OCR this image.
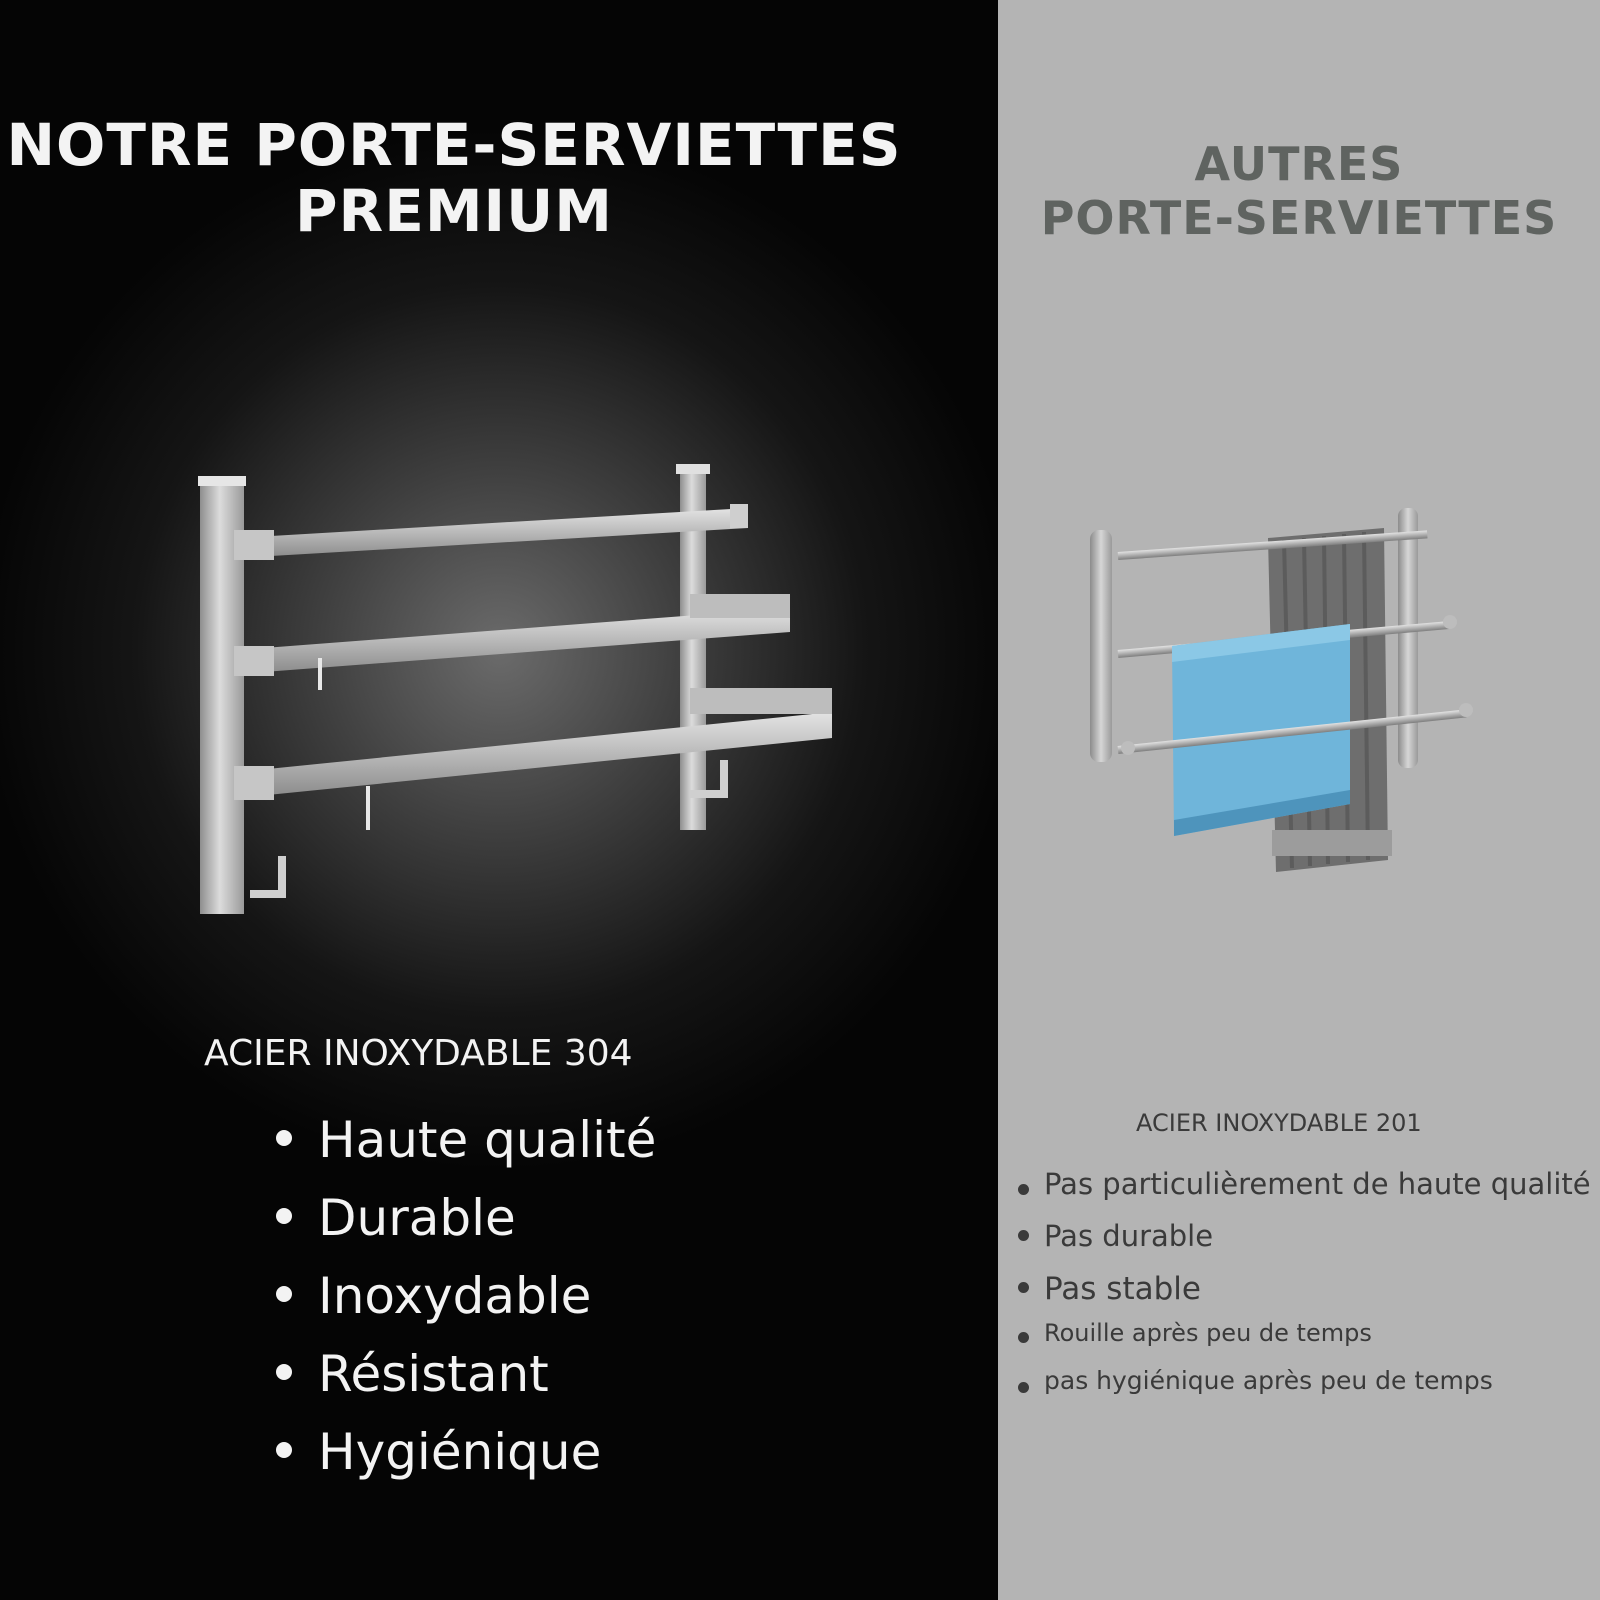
NOTRE PORTE-SERVIETTES
PREMIUM

ACIER INOXYDABLE 304

Haute qualité
Durable
Inoxydable
Résistant
Hygiénique
AUTRES
PORTE-SERVIETTES

ACIER INOXYDABLE 201

Pas particulièrement de haute qualité
Pas durable
Pas stable
Rouille après peu de temps
pas hygiénique après peu de temps
